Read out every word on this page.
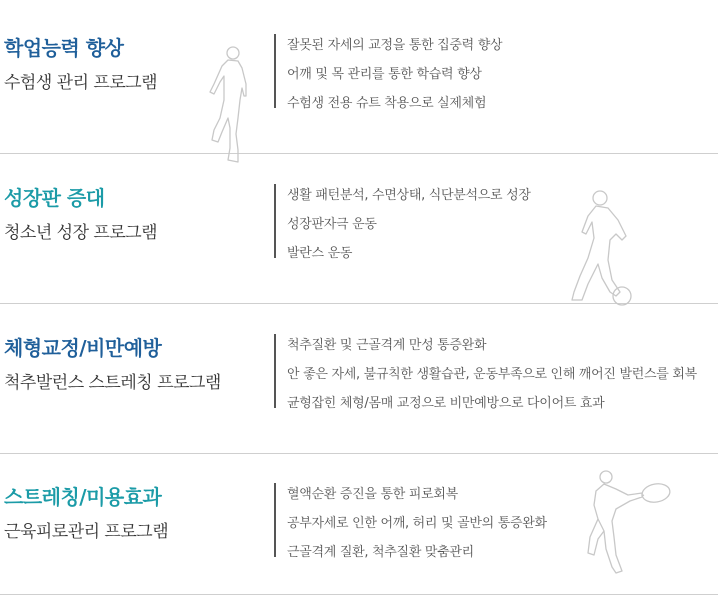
학업능력 향상
수험생 관리 프로그램
잘못된 자세의 교정을 통한 집중력 향상
어깨 및 목 관리를 통한 학습력 향상
수험생 전용 슈트 착용으로 실제체험
성장판 증대
청소년 성장 프로그램
생활 패턴분석, 수면상태, 식단분석으로 성장
성장판자극 운동
발란스 운동
체형교정/비만예방
척추발런스 스트레칭 프로그램
척추질환 및 근골격계 만성 통증완화
안 좋은 자세, 불규칙한 생활습관, 운동부족으로 인해 깨어진 발런스를 회복
균형잡힌 체형/몸매 교정으로 비만예방으로 다이어트 효과
스트레칭/미용효과
근육피로관리 프로그램
혈액순환 증진을 통한 피로회복
공부자세로 인한 어깨, 허리 및 골반의 통증완화
근골격계 질환, 척추질환 맞춤관리
